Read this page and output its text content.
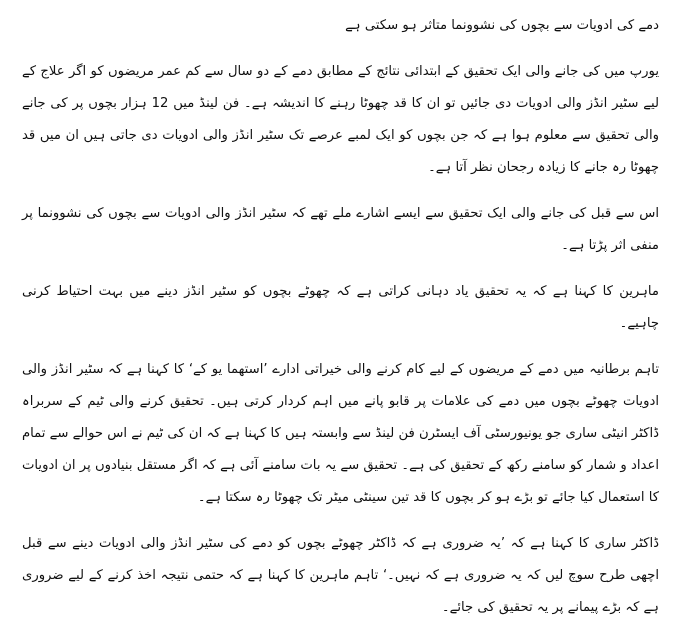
دمے کی ادویات سے بچوں کی نشوونما متاثر ہو سکتی ہے

یورپ میں کی جانے والی ایک تحقیق کے ابتدائی نتائج کے مطابق دمے کے دو سال سے کم عمر مریضوں کو اگر علاج کے لیے سٹیر انڈز والی ادویات دی جائیں تو ان کا قد چھوٹا رہنے کا اندیشہ ہے۔ فن لینڈ میں 12 ہزار بچوں پر کی جانے والی تحقیق سے معلوم ہوا ہے کہ جن بچوں کو ایک لمبے عرصے تک سٹیر انڈز والی ادویات دی جاتی ہیں ان میں قد چھوٹا رہ جانے کا زیادہ رجحان نظر آتا ہے۔

اس سے قبل کی جانے والی ایک تحقیق سے ایسے اشارے ملے تھے کہ سٹیر انڈز والی ادویات سے بچوں کی نشوونما پر منفی اثر پڑتا ہے۔

ماہرین کا کہنا ہے کہ یہ تحقیق یاد دہانی کراتی ہے کہ چھوٹے بچوں کو سٹیر انڈز دینے میں بہت احتیاط کرنی چاہیے۔

تاہم برطانیہ میں دمے کے مریضوں کے لیے کام کرنے والی خیراتی ادارے ’استھما یو کے‘ کا کہنا ہے کہ سٹیر انڈز والی ادویات چھوٹے بچوں میں دمے کی علامات پر قابو پانے میں اہم کردار کرتی ہیں۔ تحقیق کرنے والی ٹیم کے سربراہ ڈاکٹر انیٹی ساری جو یونیورسٹی آف ایسٹرن فن لینڈ سے وابستہ ہیں کا کہنا ہے کہ ان کی ٹیم نے اس حوالے سے تمام اعداد و شمار کو سامنے رکھ کے تحقیق کی ہے۔ تحقیق سے یہ بات سامنے آئی ہے کہ اگر مستقل بنیادوں پر ان ادویات کا استعمال کیا جائے تو بڑے ہو کر بچوں کا قد تین سینٹی میٹر تک چھوٹا رہ سکتا ہے۔

ڈاکٹر ساری کا کہنا ہے کہ ’یہ ضروری ہے کہ ڈاکٹر چھوٹے بچوں کو دمے کی سٹیر انڈز والی ادویات دینے سے قبل اچھی طرح سوچ لیں کہ یہ ضروری ہے کہ نہیں۔‘ تاہم ماہرین کا کہنا ہے کہ حتمی نتیجہ اخذ کرنے کے لیے ضروری ہے کہ بڑے پیمانے پر یہ تحقیق کی جائے۔
